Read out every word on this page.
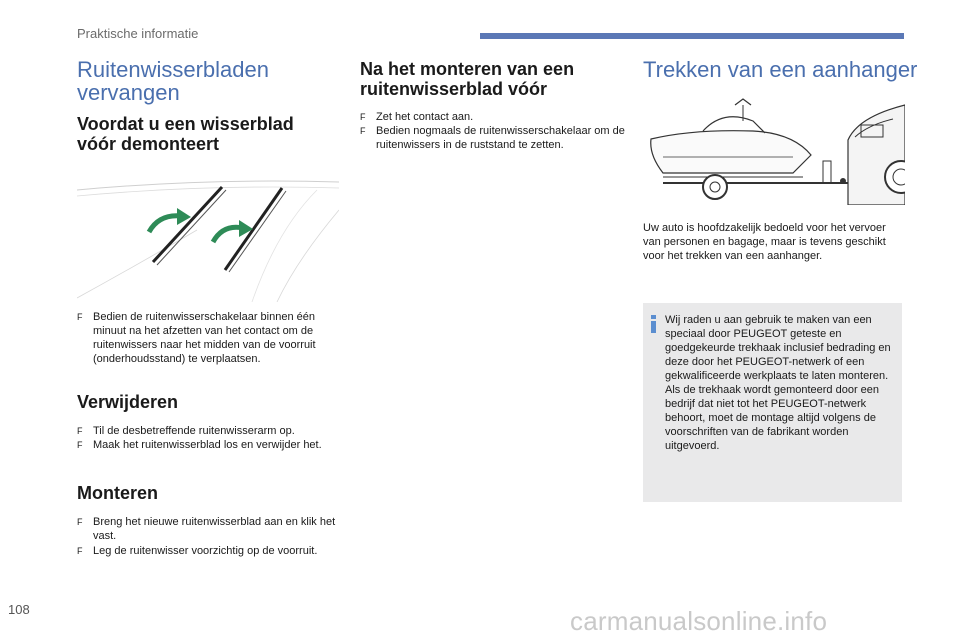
Praktische informatie
Ruitenwisserbladen
vervangen
Voordat u een wisserblad
vóór demonteert
F Bedien de ruitenwisserschakelaar binnen één minuut na het afzetten van het contact om de ruitenwissers naar het midden van de voorruit (onderhoudsstand) te verplaatsen.
Verwijderen
F Til de desbetreffende ruitenwisserarm op.
F Maak het ruitenwisserblad los en verwijder het.
Monteren
F Breng het nieuwe ruitenwisserblad aan en klik het vast.
F Leg de ruitenwisser voorzichtig op de voorruit.
Na het monteren van een
ruitenwisserblad vóór
F Zet het contact aan.
F Bedien nogmaals de ruitenwisserschakelaar om de ruitenwissers in de ruststand te zetten.
Trekken van een aanhanger
Uw auto is hoofdzakelijk bedoeld voor het vervoer van personen en bagage, maar is tevens geschikt voor het trekken van een aanhanger.
Wij raden u aan gebruik te maken van een speciaal door PEUGEOT geteste en goedgekeurde trekhaak inclusief bedrading en deze door het PEUGEOT-netwerk of een gekwalificeerde werkplaats te laten monteren.
Als de trekhaak wordt gemonteerd door een bedrijf dat niet tot het PEUGEOT-netwerk behoort, moet de montage altijd volgens de voorschriften van de fabrikant worden uitgevoerd.
108	carmanualsonline.info
